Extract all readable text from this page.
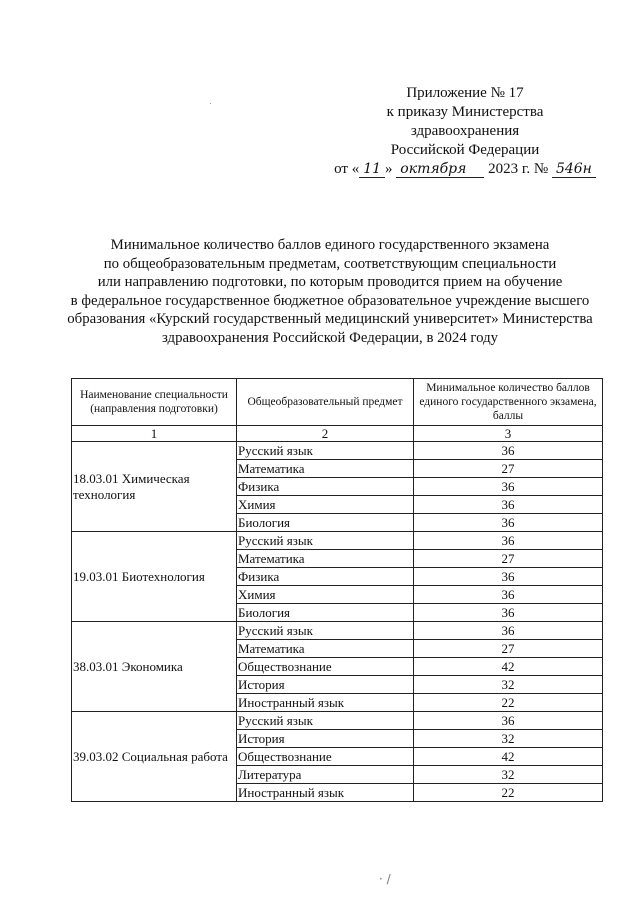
Приложение № 17
к приказу Министерства
здравоохранения
Российской Федерации
от « 11 » октября 2023 г. № 546н
Минимальное количество баллов единого государственного экзамена
по общеобразовательным предметам, соответствующим специальности
или направлению подготовки, по которым проводится прием на обучение
в федеральное государственное бюджетное образовательное учреждение высшего
образования «Курский государственный медицинский университет» Министерства
здравоохранения Российской Федерации, в 2024 году
Наименование специальности (направления подготовки)	Общеобразовательный предмет	Минимальное количество баллов единого государственного экзамена, баллы
1	2	3
18.03.01 Химическая технология	Русский язык	36
	Математика	27
	Физика	36
	Химия	36
	Биология	36
19.03.01 Биотехнология	Русский язык	36
	Математика	27
	Физика	36
	Химия	36
	Биология	36
38.03.01 Экономика	Русский язык	36
	Математика	27
	Обществознание	42
	История	32
	Иностранный язык	22
39.03.02 Социальная работа	Русский язык	36
	История	32
	Обществознание	42
	Литература	32
	Иностранный язык	22
· /
